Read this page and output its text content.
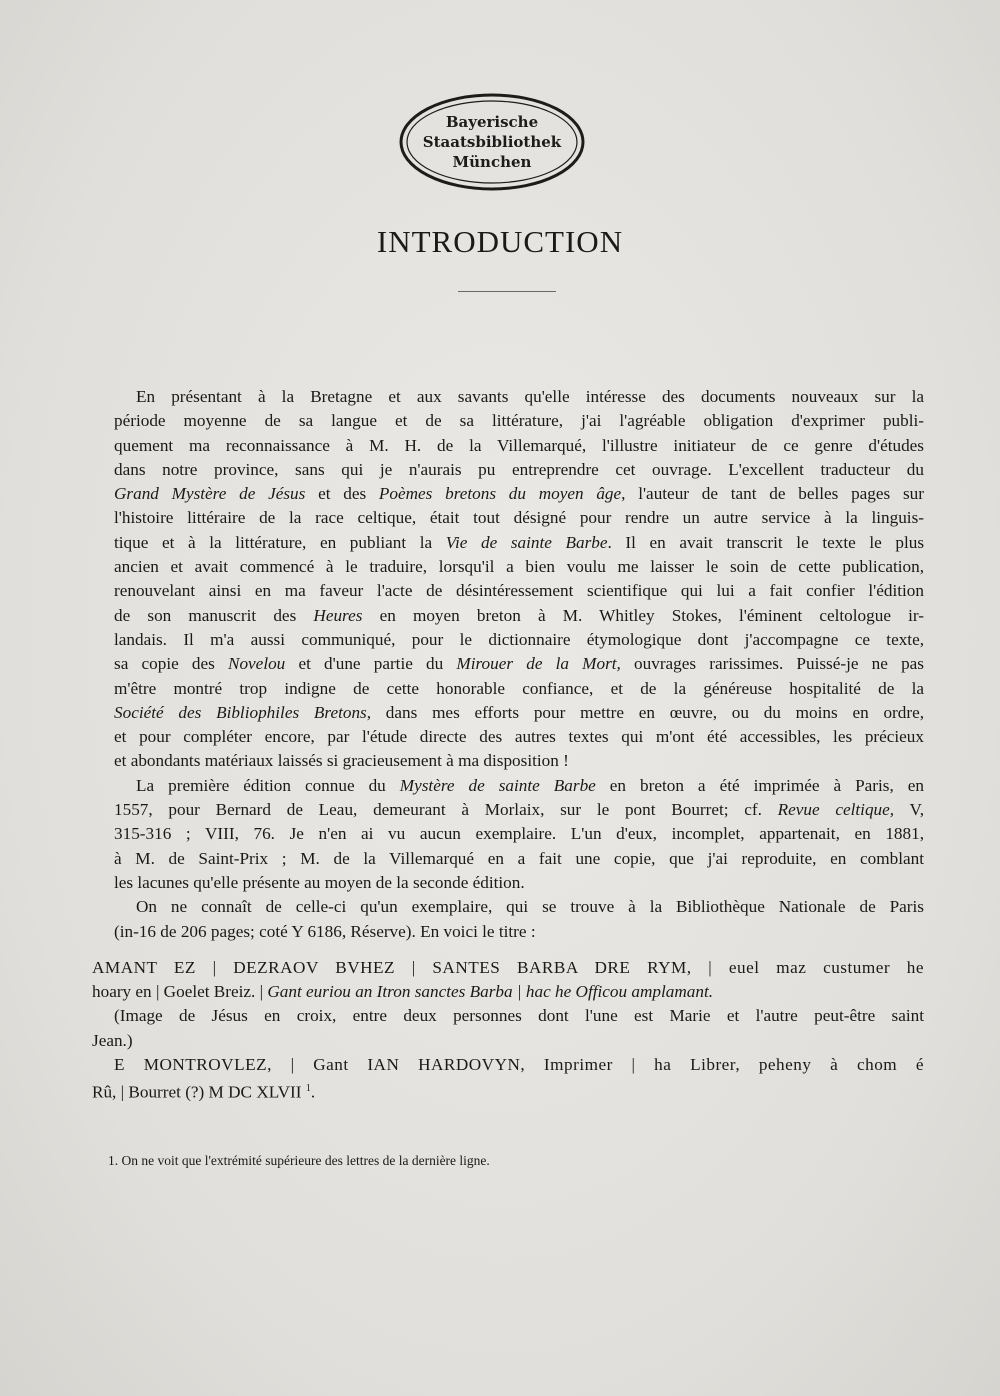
Bayerische
Staatsbibliothek
München
INTRODUCTION
En présentant à la Bretagne et aux savants qu'elle intéresse des documents nouveaux sur la
période moyenne de sa langue et de sa littérature, j'ai l'agréable obligation d'exprimer publi-
quement ma reconnaissance à M. H. de la Villemarqué, l'illustre initiateur de ce genre d'études
dans notre province, sans qui je n'aurais pu entreprendre cet ouvrage. L'excellent traducteur du
Grand Mystère de Jésus et des Poèmes bretons du moyen âge, l'auteur de tant de belles pages sur
l'histoire littéraire de la race celtique, était tout désigné pour rendre un autre service à la linguis-
tique et à la littérature, en publiant la Vie de sainte Barbe. Il en avait transcrit le texte le plus
ancien et avait commencé à le traduire, lorsqu'il a bien voulu me laisser le soin de cette publication,
renouvelant ainsi en ma faveur l'acte de désintéressement scientifique qui lui a fait confier l'édition
de son manuscrit des Heures en moyen breton à M. Whitley Stokes, l'éminent celtologue ir-
landais. Il m'a aussi communiqué, pour le dictionnaire étymologique dont j'accompagne ce texte,
sa copie des Novelou et d'une partie du Mirouer de la Mort, ouvrages rarissimes. Puissé-je ne pas
m'être montré trop indigne de cette honorable confiance, et de la généreuse hospitalité de la
Société des Bibliophiles Bretons, dans mes efforts pour mettre en œuvre, ou du moins en ordre,
et pour compléter encore, par l'étude directe des autres textes qui m'ont été accessibles, les précieux
et abondants matériaux laissés si gracieusement à ma disposition !
La première édition connue du Mystère de sainte Barbe en breton a été imprimée à Paris, en
1557, pour Bernard de Leau, demeurant à Morlaix, sur le pont Bourret; cf. Revue celtique, V,
315-316 ; VIII, 76. Je n'en ai vu aucun exemplaire. L'un d'eux, incomplet, appartenait, en 1881,
à M. de Saint-Prix ; M. de la Villemarqué en a fait une copie, que j'ai reproduite, en comblant
les lacunes qu'elle présente au moyen de la seconde édition.
On ne connaît de celle-ci qu'un exemplaire, qui se trouve à la Bibliothèque Nationale de Paris
(in-16 de 206 pages; coté Y 6186, Réserve). En voici le titre :
AMANT EZ | DEZRAOV BVHEZ | SANTES BARBA DRE RYM, | euel maz custumer he
hoary en | Goelet Breiz. | Gant euriou an Itron sanctes Barba | hac he Officou amplamant.
(Image de Jésus en croix, entre deux personnes dont l'une est Marie et l'autre peut-être saint
Jean.)
E MONTROVLEZ, | Gant IAN HARDOVYN, Imprimer | ha Librer, peheny à chom é
Rû, | Bourret (?) M DC XLVII $^1$.
1. On ne voit que l'extrémité supérieure des lettres de la dernière ligne.
